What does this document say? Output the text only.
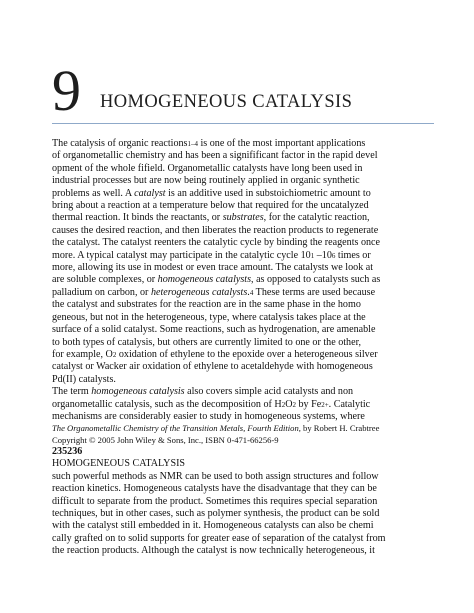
9 HOMOGENEOUS CATALYSIS
The catalysis of organic reactions1–4 is one of the most important applications
of organometallic chemistry and has been a signifificant factor in the rapid devel
opment of the whole fifield. Organometallic catalysts have long been used in
industrial processes but are now being routinely applied in organic synthetic
problems as well. A catalyst is an additive used in substoichiometric amount to
bring about a reaction at a temperature below that required for the uncatalyzed
thermal reaction. It binds the reactants, or substrates, for the catalytic reaction,
causes the desired reaction, and then liberates the reaction products to regenerate
the catalyst. The catalyst reenters the catalytic cycle by binding the reagents once
more. A typical catalyst may participate in the catalytic cycle 101 –106 times or
more, allowing its use in modest or even trace amount. The catalysts we look at
are soluble complexes, or homogeneous catalysts, as opposed to catalysts such as
palladium on carbon, or heterogeneous catalysts.4 These terms are used because
the catalyst and substrates for the reaction are in the same phase in the homo
geneous, but not in the heterogeneous, type, where catalysis takes place at the
surface of a solid catalyst. Some reactions, such as hydrogenation, are amenable
to both types of catalysis, but others are currently limited to one or the other,
for example, O2 oxidation of ethylene to the epoxide over a heterogeneous silver
catalyst or Wacker air oxidation of ethylene to acetaldehyde with homogeneous
Pd(II) catalysts.
The term homogeneous catalysis also covers simple acid catalysts and non
organometallic catalysis, such as the decomposition of H2O2 by Fe2+. Catalytic
mechanisms are considerably easier to study in homogeneous systems, where
The Organometallic Chemistry of the Transition Metals, Fourth Edition, by Robert H. Crabtree
Copyright © 2005 John Wiley & Sons, Inc., ISBN 0-471-66256-9
235236
HOMOGENEOUS CATALYSIS
such powerful methods as NMR can be used to both assign structures and follow
reaction kinetics. Homogeneous catalysts have the disadvantage that they can be
difficult to separate from the product. Sometimes this requires special separation
techniques, but in other cases, such as polymer synthesis, the product can be sold
with the catalyst still embedded in it. Homogeneous catalysts can also be chemi
cally grafted on to solid supports for greater ease of separation of the catalyst from
the reaction products. Although the catalyst is now technically heterogeneous, it
